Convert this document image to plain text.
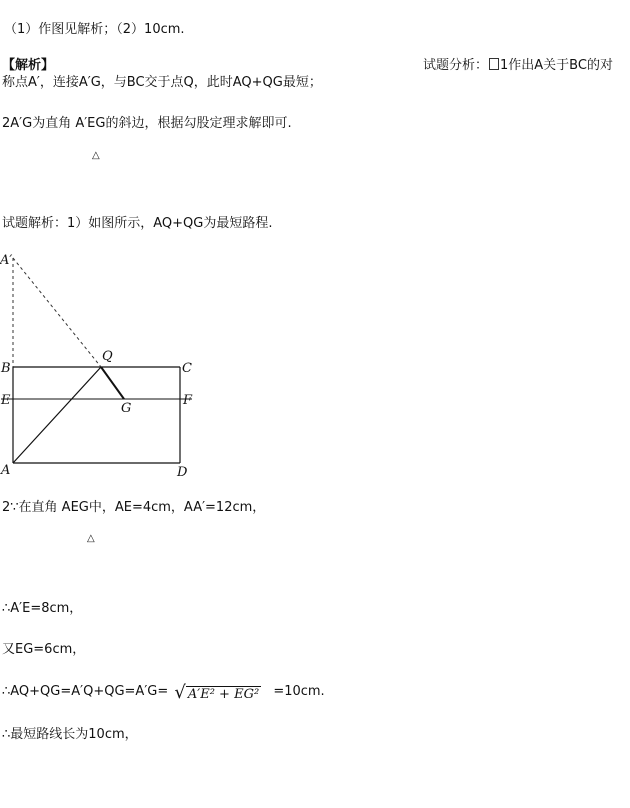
（1）作图见解析；（2）10cm.
【解析】	试题分析： 1作出A关于BC的对
称点A′，连接A′G，与BC交于点Q，此时AQ+QG最短；
2A′G为直角 A′EG的斜边，根据勾股定理求解即可.
△
试题解析：1）如图所示，AQ+QG为最短路程.
A′
B	C
E	F
Q
G
A	D
2∵在直角 AEG中，AE=4cm，AA′=12cm，
△
∴A′E=8cm，
又EG=6cm，
∴AQ+QG=A′Q+QG=A′G= √ A′E² + EG² =10cm.
∴最短路线长为10cm，
